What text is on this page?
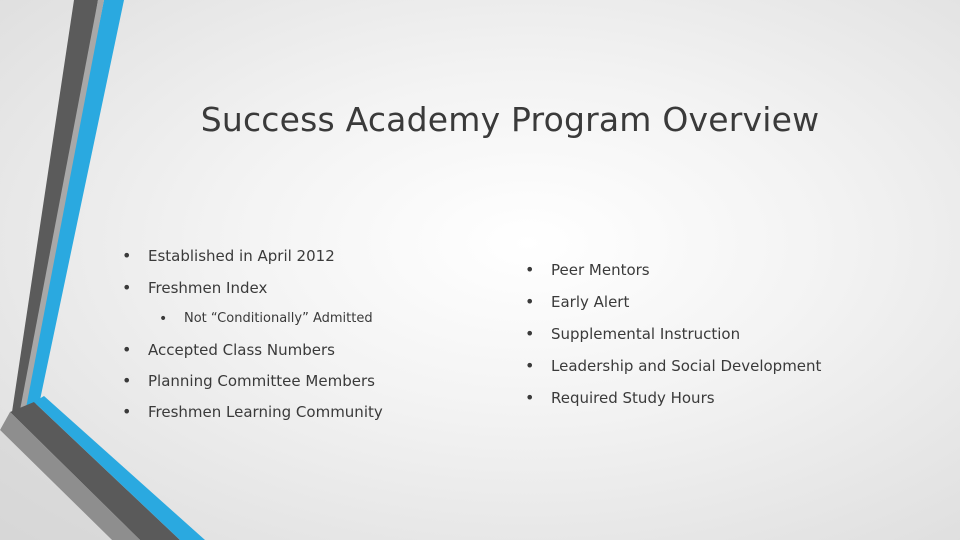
Success Academy Program Overview
• Established in April 2012
• Freshmen Index
• Not “Conditionally” Admitted
• Accepted Class Numbers
• Planning Committee Members
• Freshmen Learning Community
• Peer Mentors
• Early Alert
• Supplemental Instruction
• Leadership and Social Development
• Required Study Hours
